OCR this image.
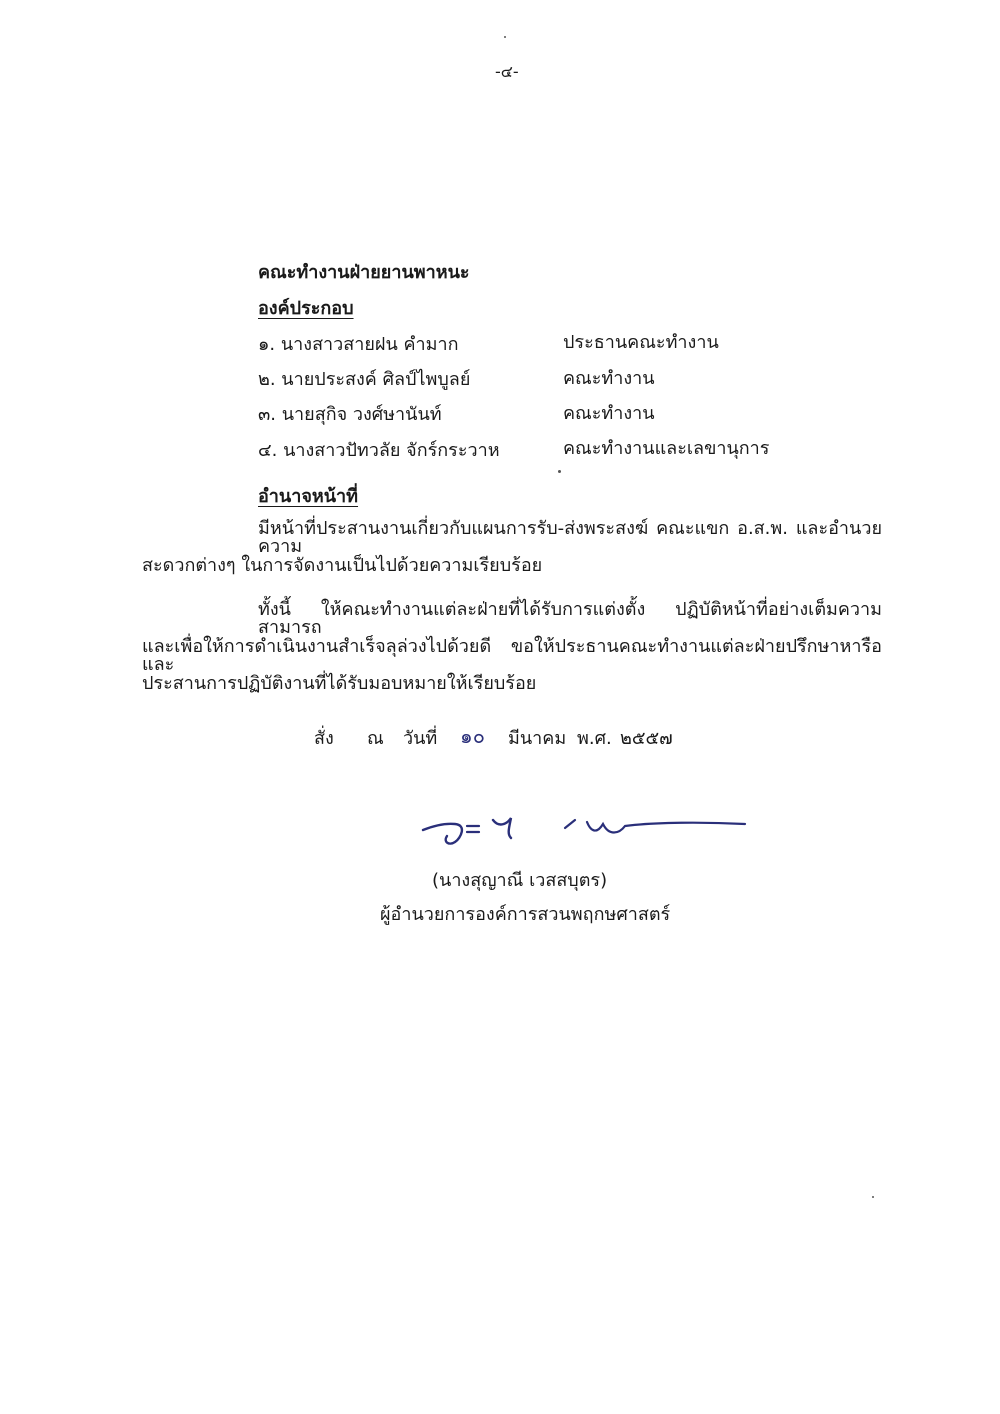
-๔-
คณะทำงานฝ่ายยานพาหนะ
องค์ประกอบ
๑. นางสาวสายฝน คำมาก	ประธานคณะทำงาน
๒. นายประสงค์ ศิลป์ไพบูลย์	คณะทำงาน
๓. นายสุกิจ วงศ์ษานันท์	คณะทำงาน
๔. นางสาวปัทวลัย จักร์กระวาห	คณะทำงานและเลขานุการ
อำนาจหน้าที่
มีหน้าที่ประสานงานเกี่ยวกับแผนการรับ-ส่งพระสงฆ์ คณะแขก อ.ส.พ. และอำนวยความ
สะดวกต่างๆ ในการจัดงานเป็นไปด้วยความเรียบร้อย
ทั้งนี้ ให้คณะทำงานแต่ละฝ่ายที่ได้รับการแต่งตั้ง ปฏิบัติหน้าที่อย่างเต็มความสามารถ
และเพื่อให้การดำเนินงานสำเร็จลุล่วงไปด้วยดี ขอให้ประธานคณะทำงานแต่ละฝ่ายปรึกษาหารือและ
ประสานการปฏิบัติงานที่ได้รับมอบหมายให้เรียบร้อย
สั่ง ณ วันที่ ๑๐ มีนาคม พ.ศ. ๒๕๕๗
(นางสุญาณี เวสสบุตร)
ผู้อำนวยการองค์การสวนพฤกษศาสตร์
